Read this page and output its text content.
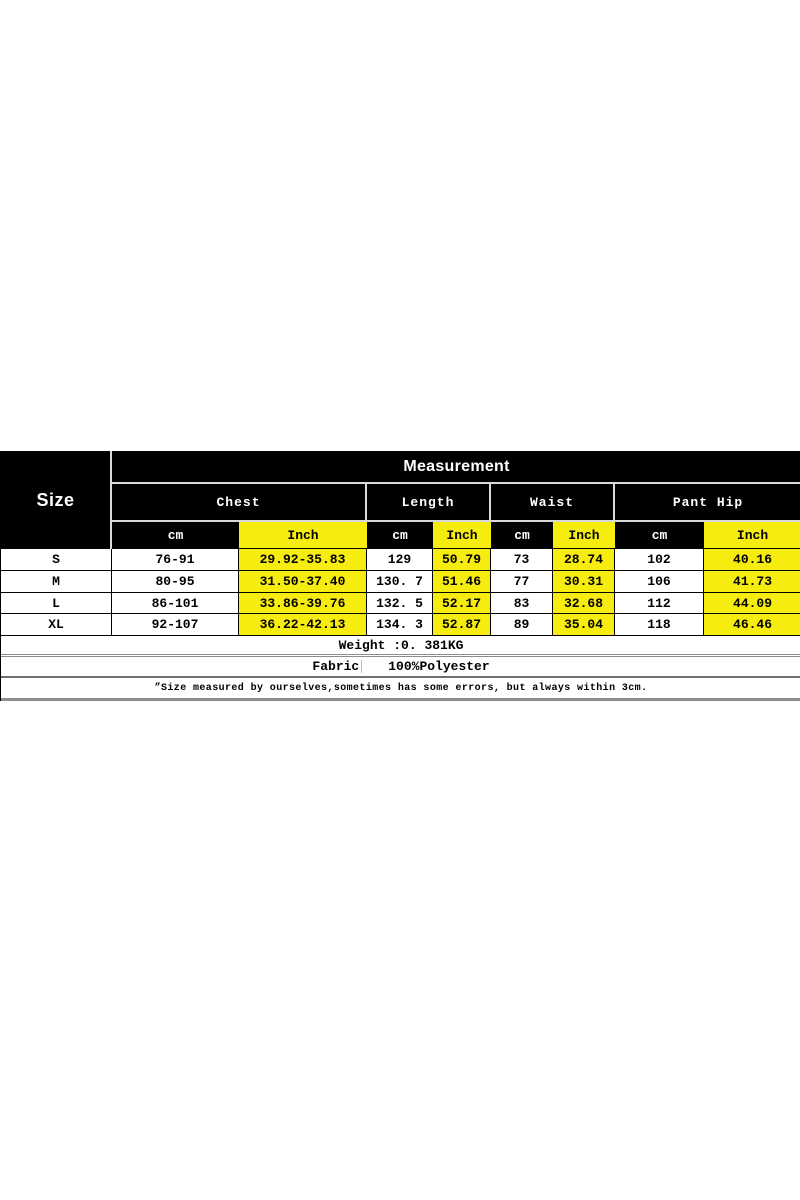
Size	Measurement							
	Chest		Length		Waist		Pant Hip	
	cm	Inch	cm	Inch	cm	Inch	cm	Inch
S	76-91	29.92-35.83	129	50.79	73	28.74	102	40.16
M	80-95	31.50-37.40	130. 7	51.46	77	30.31	106	41.73
L	86-101	33.86-39.76	132. 5	52.17	83	32.68	112	44.09
XL	92-107	36.22-42.13	134. 3	52.87	89	35.04	118	46.46
Weight :0. 381KG								

Fabric 100%Polyester								

”Size measured by ourselves,sometimes has some errors, but always within 3cm.								
